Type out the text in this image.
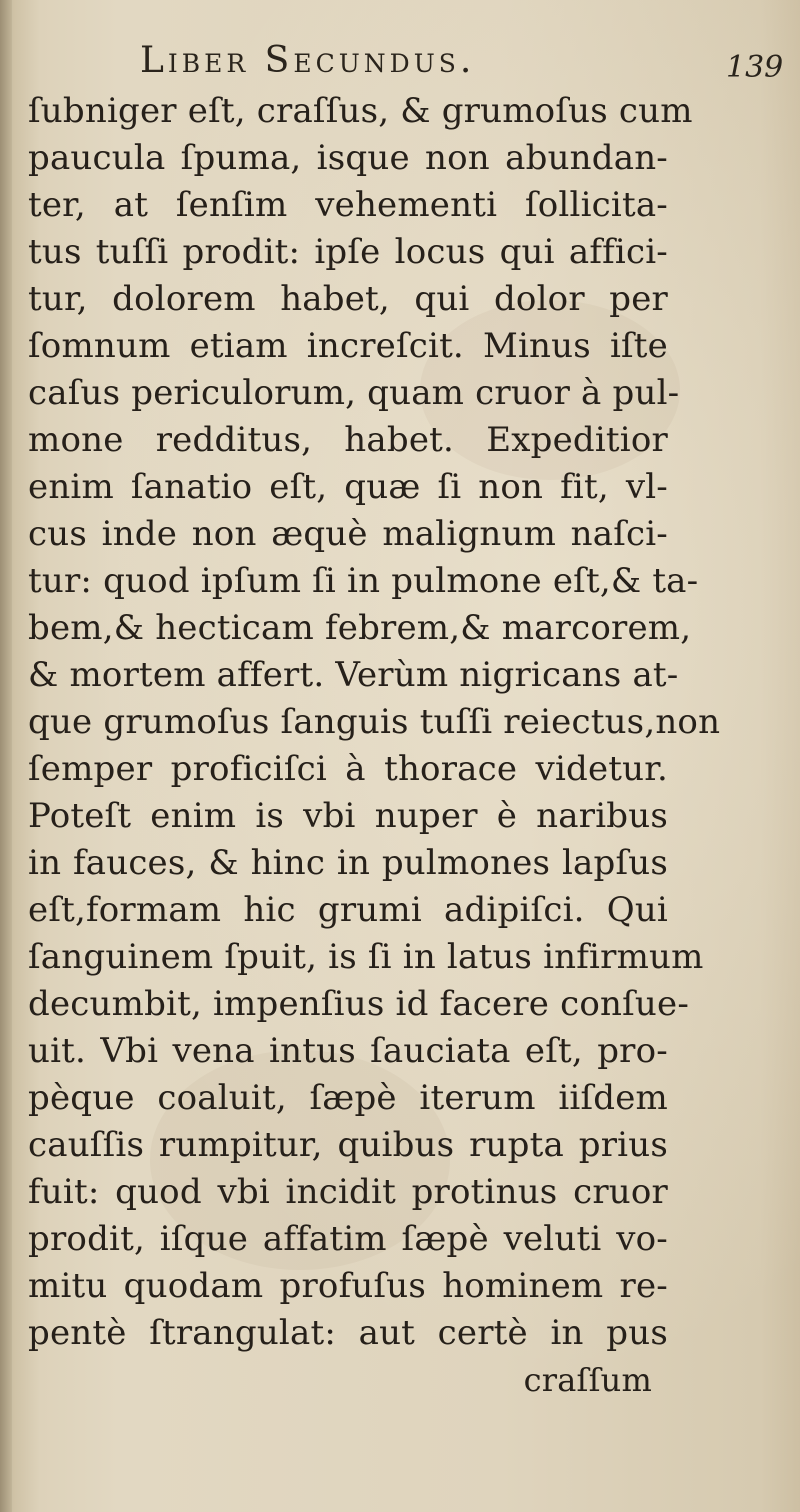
Liber Secundus.	139
ſubniger eſt, craſſus, & grumoſus cum
paucula ſpuma, isque non abundan-
ter, at ſenſim vehementi ſollicita-
tus tuſſi prodit: ipſe locus qui affici-
tur, dolorem habet, qui dolor per
ſomnum etiam increſcit. Minus iſte
caſus periculorum, quam cruor à pul-
mone redditus, habet. Expeditior
enim ſanatio eſt, quæ ſi non fit, vl-
cus inde non æquè malignum naſci-
tur: quod ipſum ſi in pulmone eſt,& ta-
bem,& hecticam febrem,& marcorem,
& mortem affert. Verùm nigricans at-
que grumoſus ſanguis tuſſi reiectus,non
ſemper proficiſci à thorace videtur.
Poteſt enim is vbi nuper è naribus
in fauces, & hinc in pulmones lapſus
eſt,formam hic grumi adipiſci. Qui
ſanguinem ſpuit, is ſi in latus infirmum
decumbit, impenſius id facere conſue-
uit. Vbi vena intus ſauciata eſt, pro-
pèque coaluit, ſæpè iterum iiſdem
cauſſis rumpitur, quibus rupta prius
fuit: quod vbi incidit protinus cruor
prodit, iſque affatim ſæpè veluti vo-
mitu quodam profuſus hominem re-
pentè ſtrangulat: aut certè in pus
craſſum
